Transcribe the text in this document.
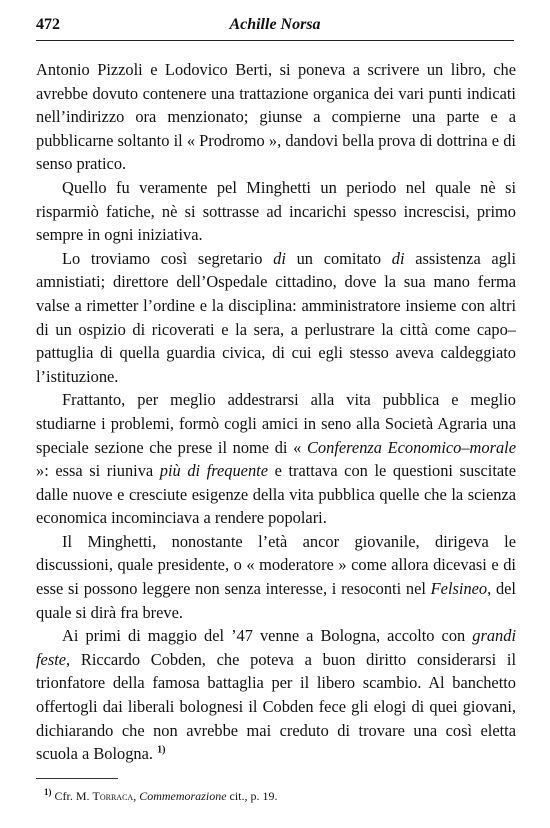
472	Achille Norsa

Antonio Pizzoli e Lodovico Berti, si poneva a scrivere un libro, che avrebbe dovuto contenere una trattazione organica dei vari punti indicati nell’indirizzo ora menzionato; giunse a compierne una parte e a pubblicarne soltanto il « Prodromo », dandovi bella prova di dottrina e di senso pratico.

Quello fu veramente pel Minghetti un periodo nel quale nè si risparmiò fatiche, nè si sottrasse ad incarichi spesso increscisi, primo sempre in ogni iniziativa.

Lo troviamo così segretario di un comitato di assistenza agli amnistiati; direttore dell’Ospedale cittadino, dove la sua mano ferma valse a rimetter l’ordine e la disciplina: amministratore insieme con altri di un ospizio di ricoverati e la sera, a perlustrare la città come capo–pattuglia di quella guardia civica, di cui egli stesso aveva caldeggiato l’istituzione.

Frattanto, per meglio addestrarsi alla vita pubblica e meglio studiarne i problemi, formò cogli amici in seno alla Società Agraria una speciale sezione che prese il nome di « Conferenza Economico–morale »: essa si riuniva più di frequente e trattava con le questioni suscitate dalle nuove e cresciute esigenze della vita pubblica quelle che la scienza economica incominciava a rendere popolari.

Il Minghetti, nonostante l’età ancor giovanile, dirigeva le discussioni, quale presidente, o « moderatore » come allora dicevasi e di esse si possono leggere non senza interesse, i resoconti nel Felsineo, del quale si dirà fra breve.

Ai primi di maggio del ’47 venne a Bologna, accolto con grandi feste, Riccardo Cobden, che poteva a buon diritto considerarsi il trionfatore della famosa battaglia per il libero scambio. Al banchetto offertogli dai liberali bolognesi il Cobden fece gli elogi di quei giovani, dichiarando che non avrebbe mai creduto di trovare una così eletta scuola a Bologna. $^{1)}$

$^{1)}$ Cfr. M. Torraca, Commemorazione cit., p. 19.
